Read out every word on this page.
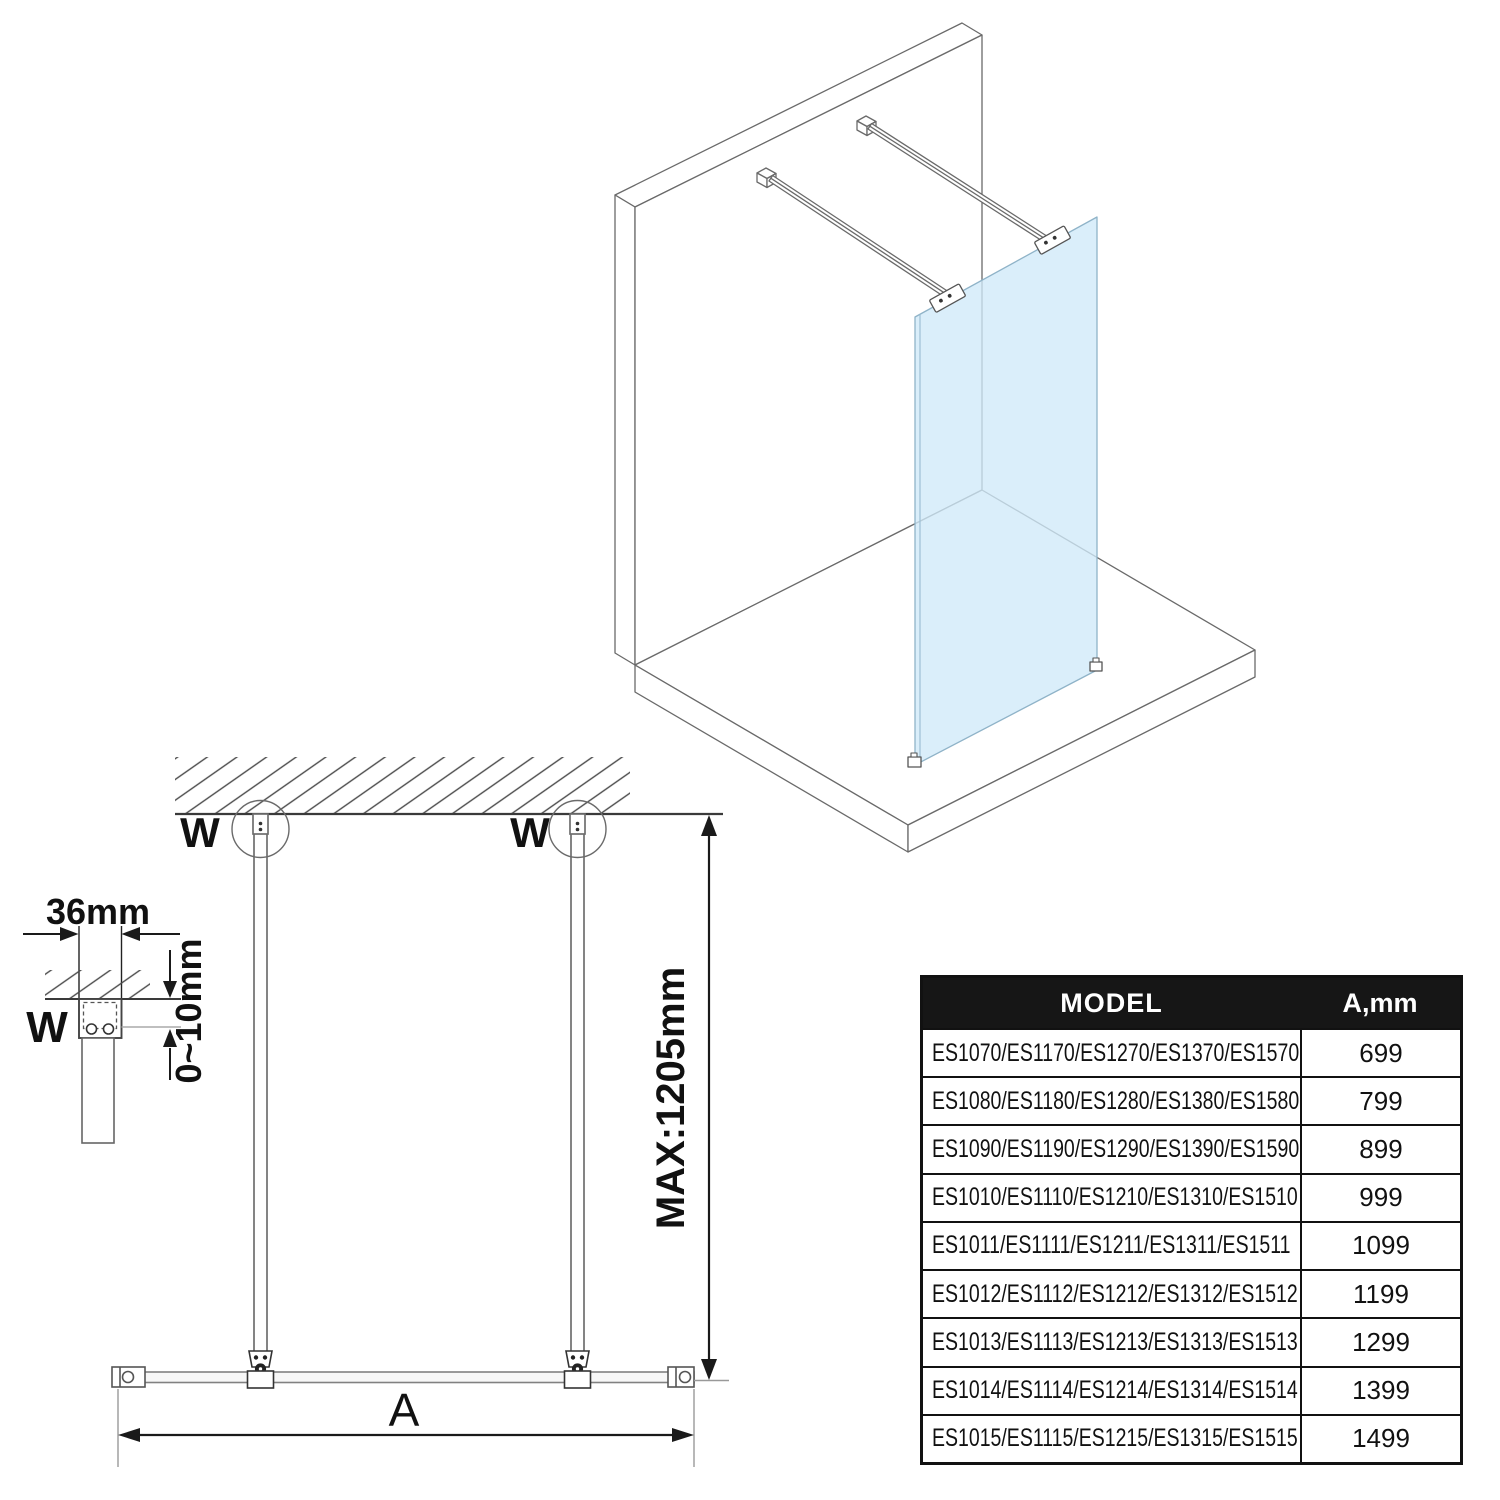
W	W
MAX:1205mm
A
36mm
W	0~10mm	MODEL	A,mm
ES1070/ES1170/ES1270/ES1370/ES1570	699
ES1080/ES1180/ES1280/ES1380/ES1580	799
ES1090/ES1190/ES1290/ES1390/ES1590	899
ES1010/ES1110/ES1210/ES1310/ES1510	999
ES1011/ES1111/ES1211/ES1311/ES1511	1099
ES1012/ES1112/ES1212/ES1312/ES1512	1199
ES1013/ES1113/ES1213/ES1313/ES1513	1299
ES1014/ES1114/ES1214/ES1314/ES1514	1399
ES1015/ES1115/ES1215/ES1315/ES1515	1499
